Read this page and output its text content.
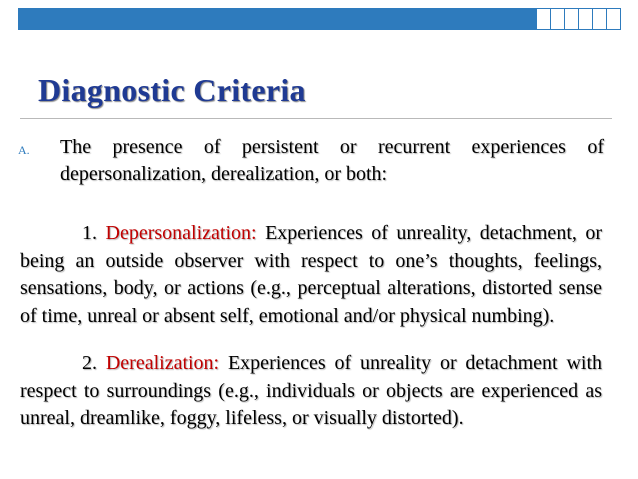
Diagnostic Criteria
A. The presence of persistent or recurrent experiences of depersonalization, derealization, or both:
1. Depersonalization: Experiences of unreality, detachment, or being an outside observer with respect to one’s thoughts, feelings, sensations, body, or actions (e.g., perceptual alterations, distorted sense of time, unreal or absent self, emotional and/or physical numbing).
2. Derealization: Experiences of unreality or detachment with respect to surroundings (e.g., individuals or objects are experienced as unreal, dreamlike, foggy, lifeless, or visually distorted).
